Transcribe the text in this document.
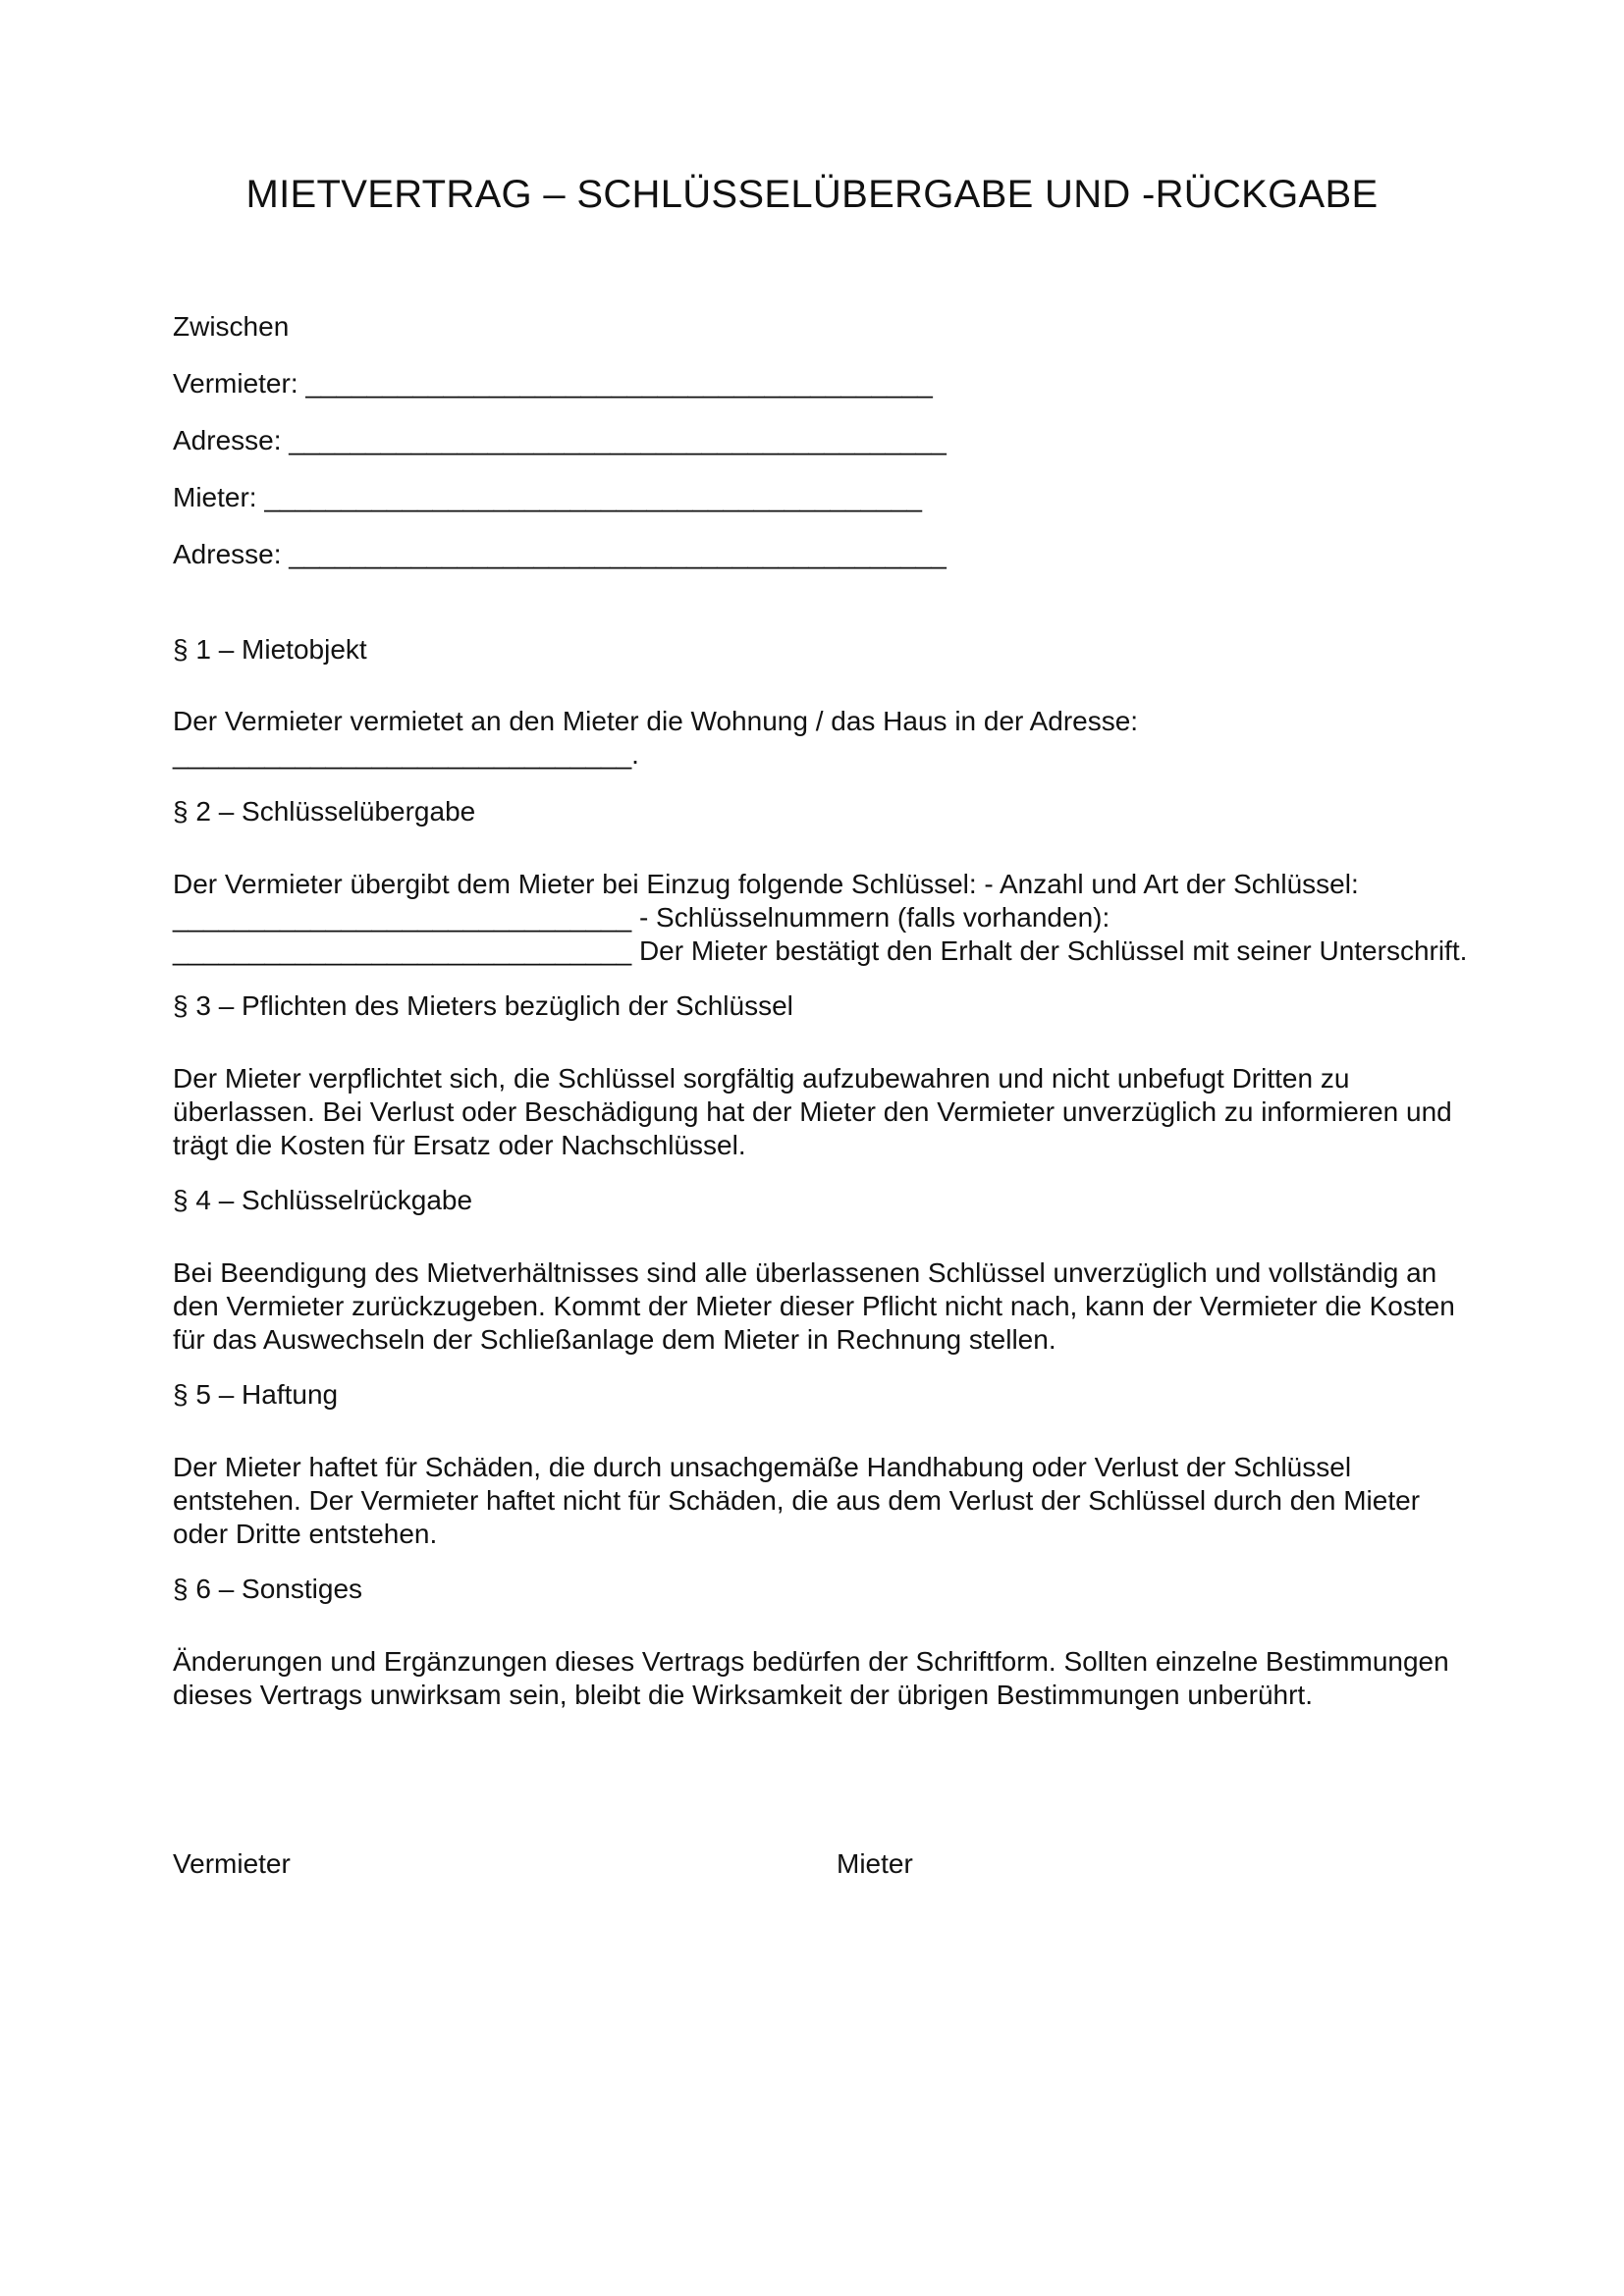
MIETVERTRAG – SCHLÜSSELÜBERGABE UND -RÜCKGABE
Zwischen
Vermieter: _________________________________________
Adresse: ___________________________________________
Mieter: ___________________________________________
Adresse: ___________________________________________
§ 1 – Mietobjekt
Der Vermieter vermietet an den Mieter die Wohnung / das Haus in der Adresse:
______________________________.
§ 2 – Schlüsselübergabe
Der Vermieter übergibt dem Mieter bei Einzug folgende Schlüssel: - Anzahl und Art der Schlüssel:
______________________________ - Schlüsselnummern (falls vorhanden):
______________________________ Der Mieter bestätigt den Erhalt der Schlüssel mit seiner Unterschrift.
§ 3 – Pflichten des Mieters bezüglich der Schlüssel
Der Mieter verpflichtet sich, die Schlüssel sorgfältig aufzubewahren und nicht unbefugt Dritten zu
überlassen. Bei Verlust oder Beschädigung hat der Mieter den Vermieter unverzüglich zu informieren und
trägt die Kosten für Ersatz oder Nachschlüssel.
§ 4 – Schlüsselrückgabe
Bei Beendigung des Mietverhältnisses sind alle überlassenen Schlüssel unverzüglich und vollständig an
den Vermieter zurückzugeben. Kommt der Mieter dieser Pflicht nicht nach, kann der Vermieter die Kosten
für das Auswechseln der Schließanlage dem Mieter in Rechnung stellen.
§ 5 – Haftung
Der Mieter haftet für Schäden, die durch unsachgemäße Handhabung oder Verlust der Schlüssel
entstehen. Der Vermieter haftet nicht für Schäden, die aus dem Verlust der Schlüssel durch den Mieter
oder Dritte entstehen.
§ 6 – Sonstiges
Änderungen und Ergänzungen dieses Vertrags bedürfen der Schriftform. Sollten einzelne Bestimmungen
dieses Vertrags unwirksam sein, bleibt die Wirksamkeit der übrigen Bestimmungen unberührt.
Vermieter	Mieter
